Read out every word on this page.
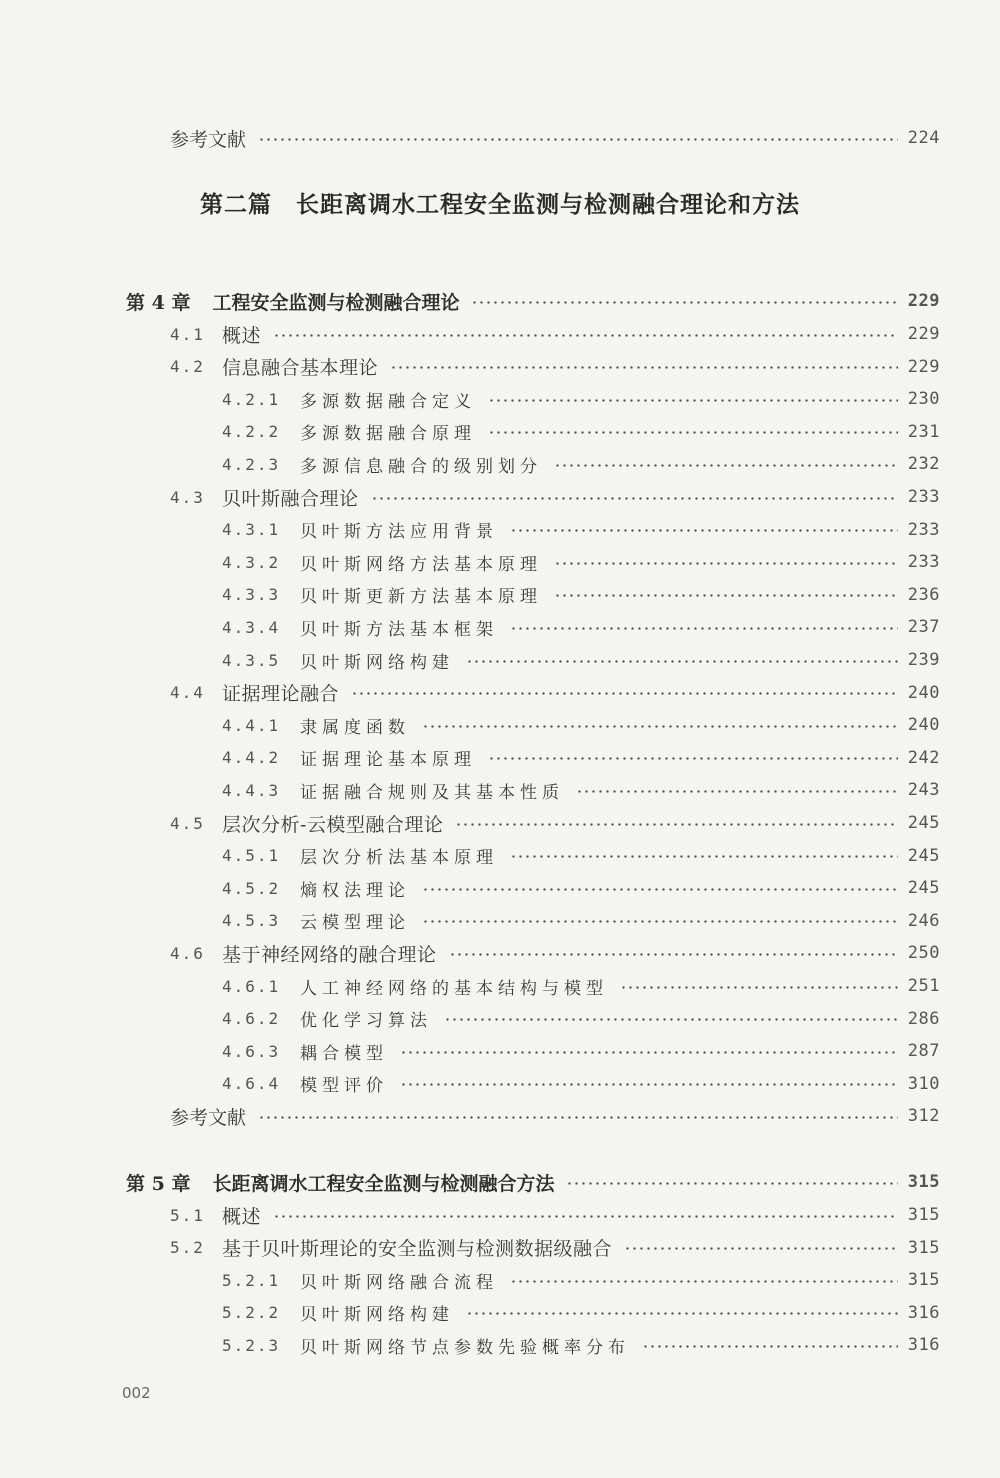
参考文献	224
第二篇 长距离调水工程安全监测与检测融合理论和方法
第 4 章 工程安全监测与检测融合理论	229
4.1 概述	229
4.2 信息融合基本理论	229
4.2.1	多源数据融合定义	230
4.2.2	多源数据融合原理	231
4.2.3	多源信息融合的级别划分	232
4.3 贝叶斯融合理论	233
4.3.1	贝叶斯方法应用背景	233
4.3.2	贝叶斯网络方法基本原理	233
4.3.3	贝叶斯更新方法基本原理	236
4.3.4	贝叶斯方法基本框架	237
4.3.5	贝叶斯网络构建	239
4.4 证据理论融合	240
4.4.1	隶属度函数	240
4.4.2	证据理论基本原理	242
4.4.3	证据融合规则及其基本性质	243
4.5 层次分析-云模型融合理论	245
4.5.1	层次分析法基本原理	245
4.5.2	熵权法理论	245
4.5.3	云模型理论	246
4.6 基于神经网络的融合理论	250
4.6.1	人工神经网络的基本结构与模型	251
4.6.2	优化学习算法	286
4.6.3	耦合模型	287
4.6.4	模型评价	310
参考文献	312
第 5 章 长距离调水工程安全监测与检测融合方法	315
5.1 概述	315
5.2 基于贝叶斯理论的安全监测与检测数据级融合	315
5.2.1	贝叶斯网络融合流程	315
5.2.2	贝叶斯网络构建	316
5.2.3	贝叶斯网络节点参数先验概率分布	316
002
